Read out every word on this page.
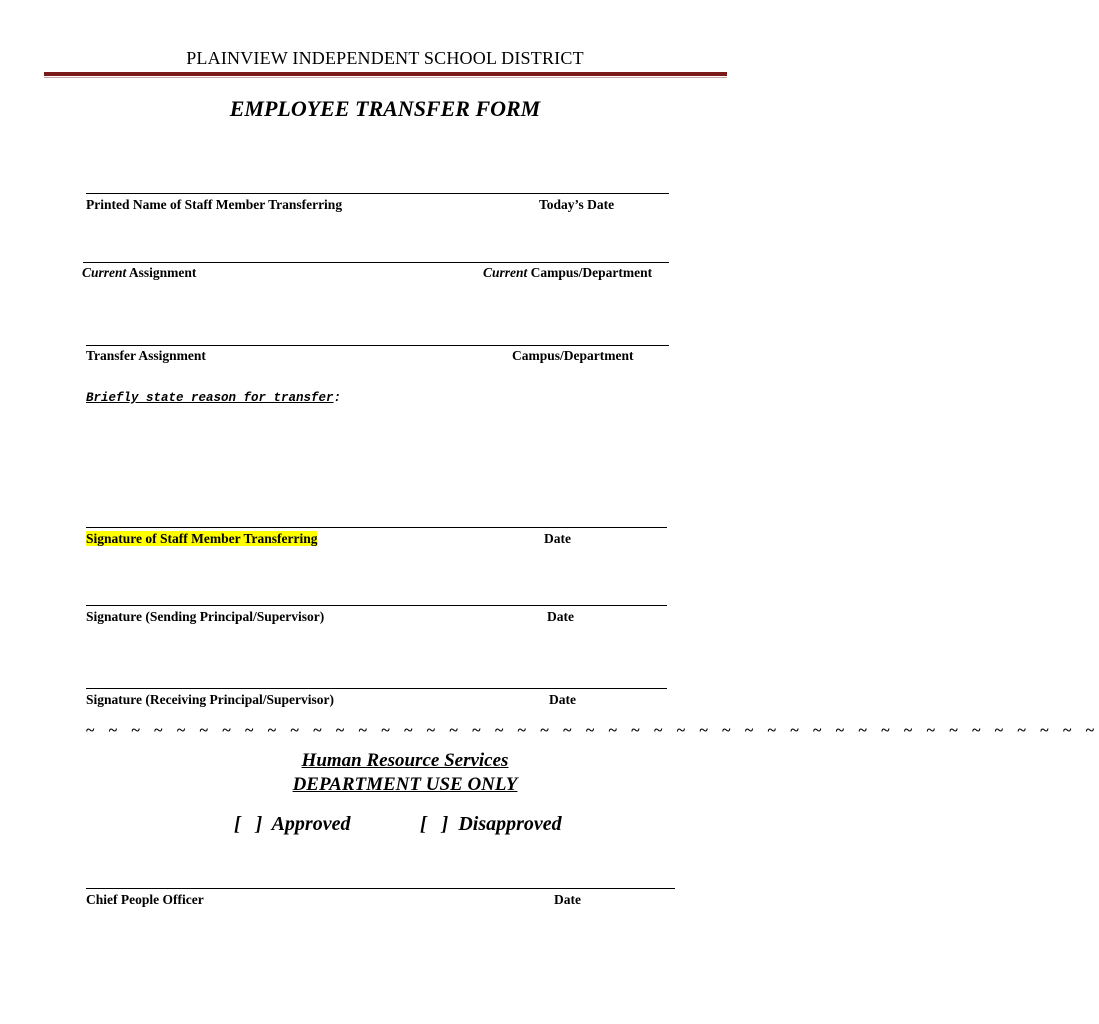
PLAINVIEW INDEPENDENT SCHOOL DISTRICT
EMPLOYEE TRANSFER FORM
Printed Name of Staff Member Transferring	Today’s Date
Current Assignment	Current Campus/Department
Transfer Assignment	Campus/Department
Briefly state reason for transfer:
Signature of Staff Member Transferring	Date
Signature (Sending Principal/Supervisor)	Date
Signature (Receiving Principal/Supervisor)	Date
~ ~ ~ ~ ~ ~ ~ ~ ~ ~ ~ ~ ~ ~ ~ ~ ~ ~ ~ ~ ~ ~ ~ ~ ~ ~ ~ ~ ~ ~ ~ ~ ~ ~ ~ ~ ~ ~ ~ ~ ~ ~ ~ ~ ~
Human Resource Services
DEPARTMENT USE ONLY
[   ]  Approved	[   ]  Disapproved
Chief People Officer	Date
